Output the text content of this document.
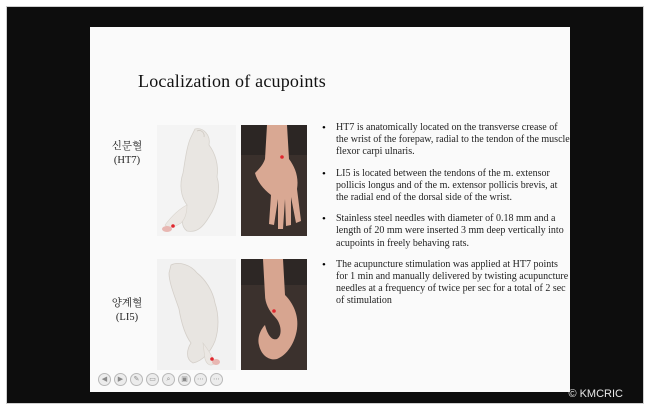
Localization of acupoints
신문혈
(HT7)
양계혈
(LI5)
• HT7 is anatomically located on the transverse crease of the wrist of the forepaw, radial to the tendon of the muscle flexor carpi ulnaris.
• LI5 is located between the tendons of the m. extensor pollicis longus and of the m. extensor pollicis brevis, at the radial end of the dorsal side of the wrist.
• Stainless steel needles with diameter of 0.18 mm and a length of 20 mm were inserted 3 mm deep vertically into acupoints in freely behaving rats.
• The acupuncture stimulation was applied at HT7 points for 1 min and manually delivered by twisting acupuncture needles at a frequency of twice per sec for a total of 2 sec of stimulation
◀	▶	✎	▭	⌕	▣	⋯	⋯
© KMCRIC
